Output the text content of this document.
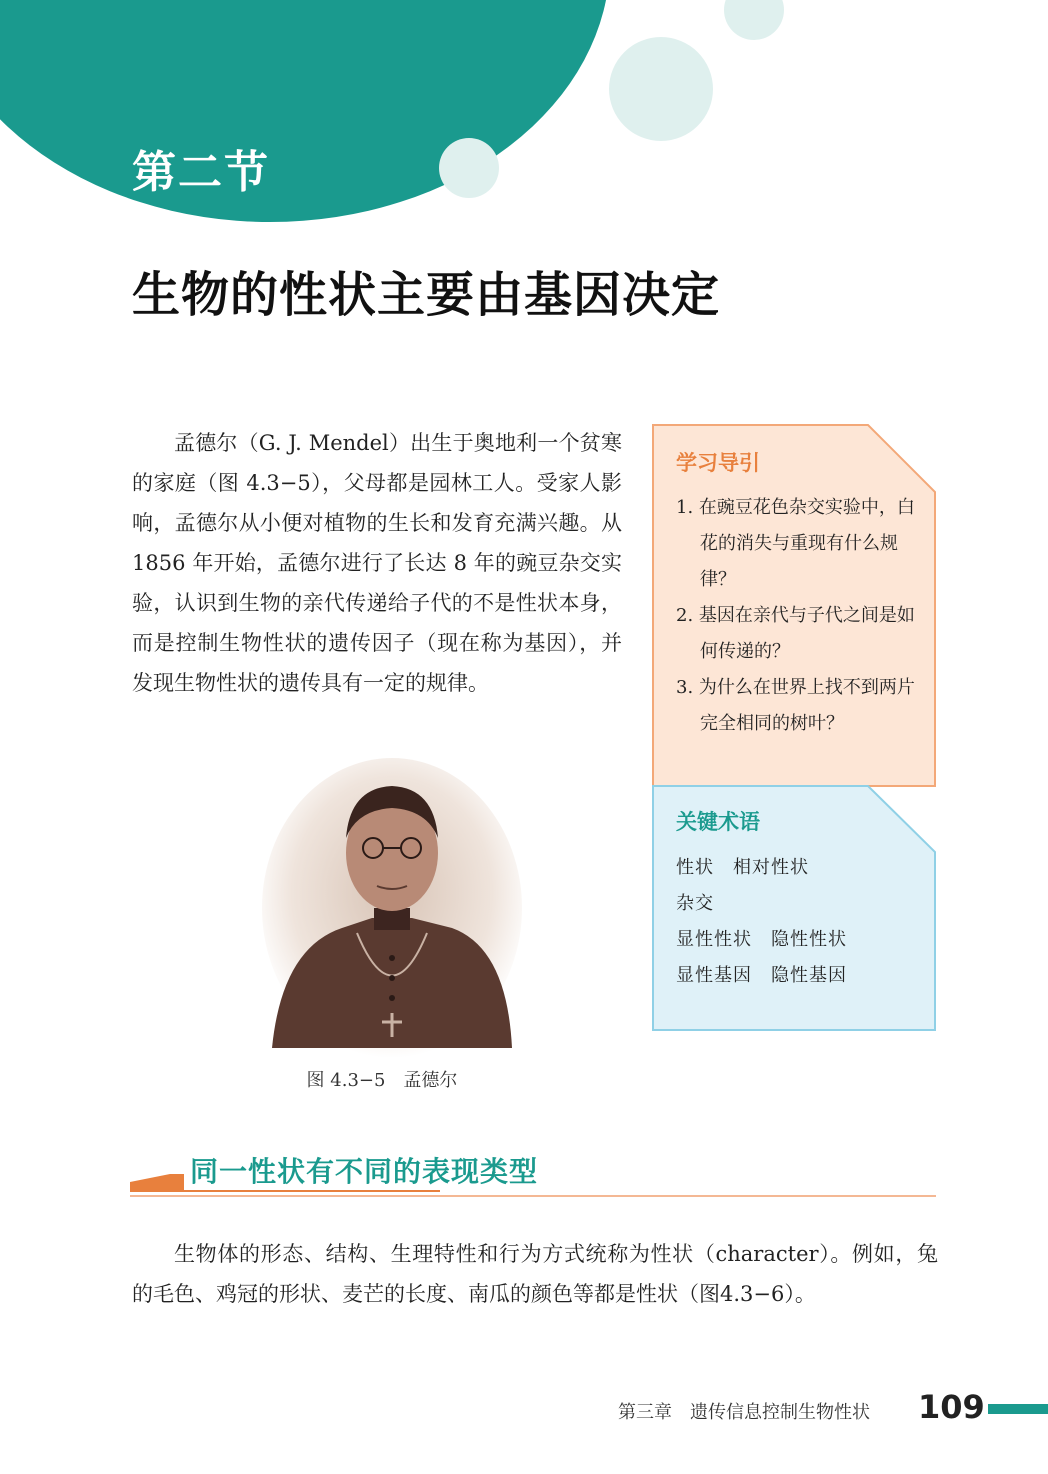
第二节
生物的性状主要由基因决定

孟德尔（G. J. Mendel）出生于奥地利一个贫寒的家庭（图 4.3−5），父母都是园林工人。受家人影响，孟德尔从小便对植物的生长和发育充满兴趣。从 1856 年开始，孟德尔进行了长达 8 年的豌豆杂交实验，认识到生物的亲代传递给子代的不是性状本身，而是控制生物性状的遗传因子（现在称为基因），并发现生物性状的遗传具有一定的规律。

图 4.3−5　孟德尔
学习导引
1. 在豌豆花色杂交实验中，白花的消失与重现有什么规律？
2. 基因在亲代与子代之间是如何传递的？
3. 为什么在世界上找不到两片完全相同的树叶？
关键术语
性状　相对性状
杂交
显性性状　隐性性状
显性基因　隐性基因
同一性状有不同的表现类型

生物体的形态、结构、生理特性和行为方式统称为性状（character）。例如，兔的毛色、鸡冠的形状、麦芒的长度、南瓜的颜色等都是性状（图4.3−6）。

第三章　遗传信息控制生物性状 109
